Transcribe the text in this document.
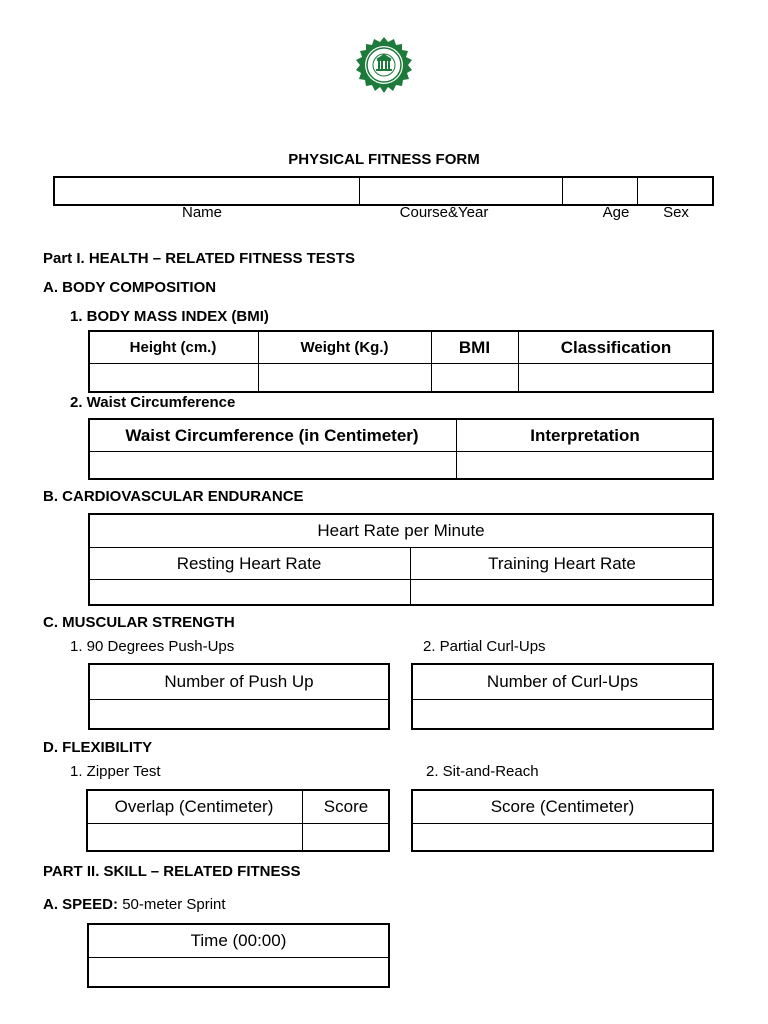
PHYSICAL FITNESS FORM
Name	Course&Year	Age	Sex
Part I. HEALTH – RELATED FITNESS TESTS
A. BODY COMPOSITION
1. BODY MASS INDEX (BMI)
Height (cm.)	Weight (Kg.)	BMI	Classification
2. Waist Circumference
Waist Circumference (in Centimeter)	Interpretation
B. CARDIOVASCULAR ENDURANCE
Heart Rate per Minute
Resting Heart Rate	Training Heart Rate
C. MUSCULAR STRENGTH
1. 90 Degrees Push-Ups	2. Partial Curl-Ups
Number of Push Up	Number of Curl-Ups
D. FLEXIBILITY
1. Zipper Test	2. Sit-and-Reach
Overlap (Centimeter)	Score	Score (Centimeter)
PART II. SKILL – RELATED FITNESS
A. SPEED: 50-meter Sprint
Time (00:00)
